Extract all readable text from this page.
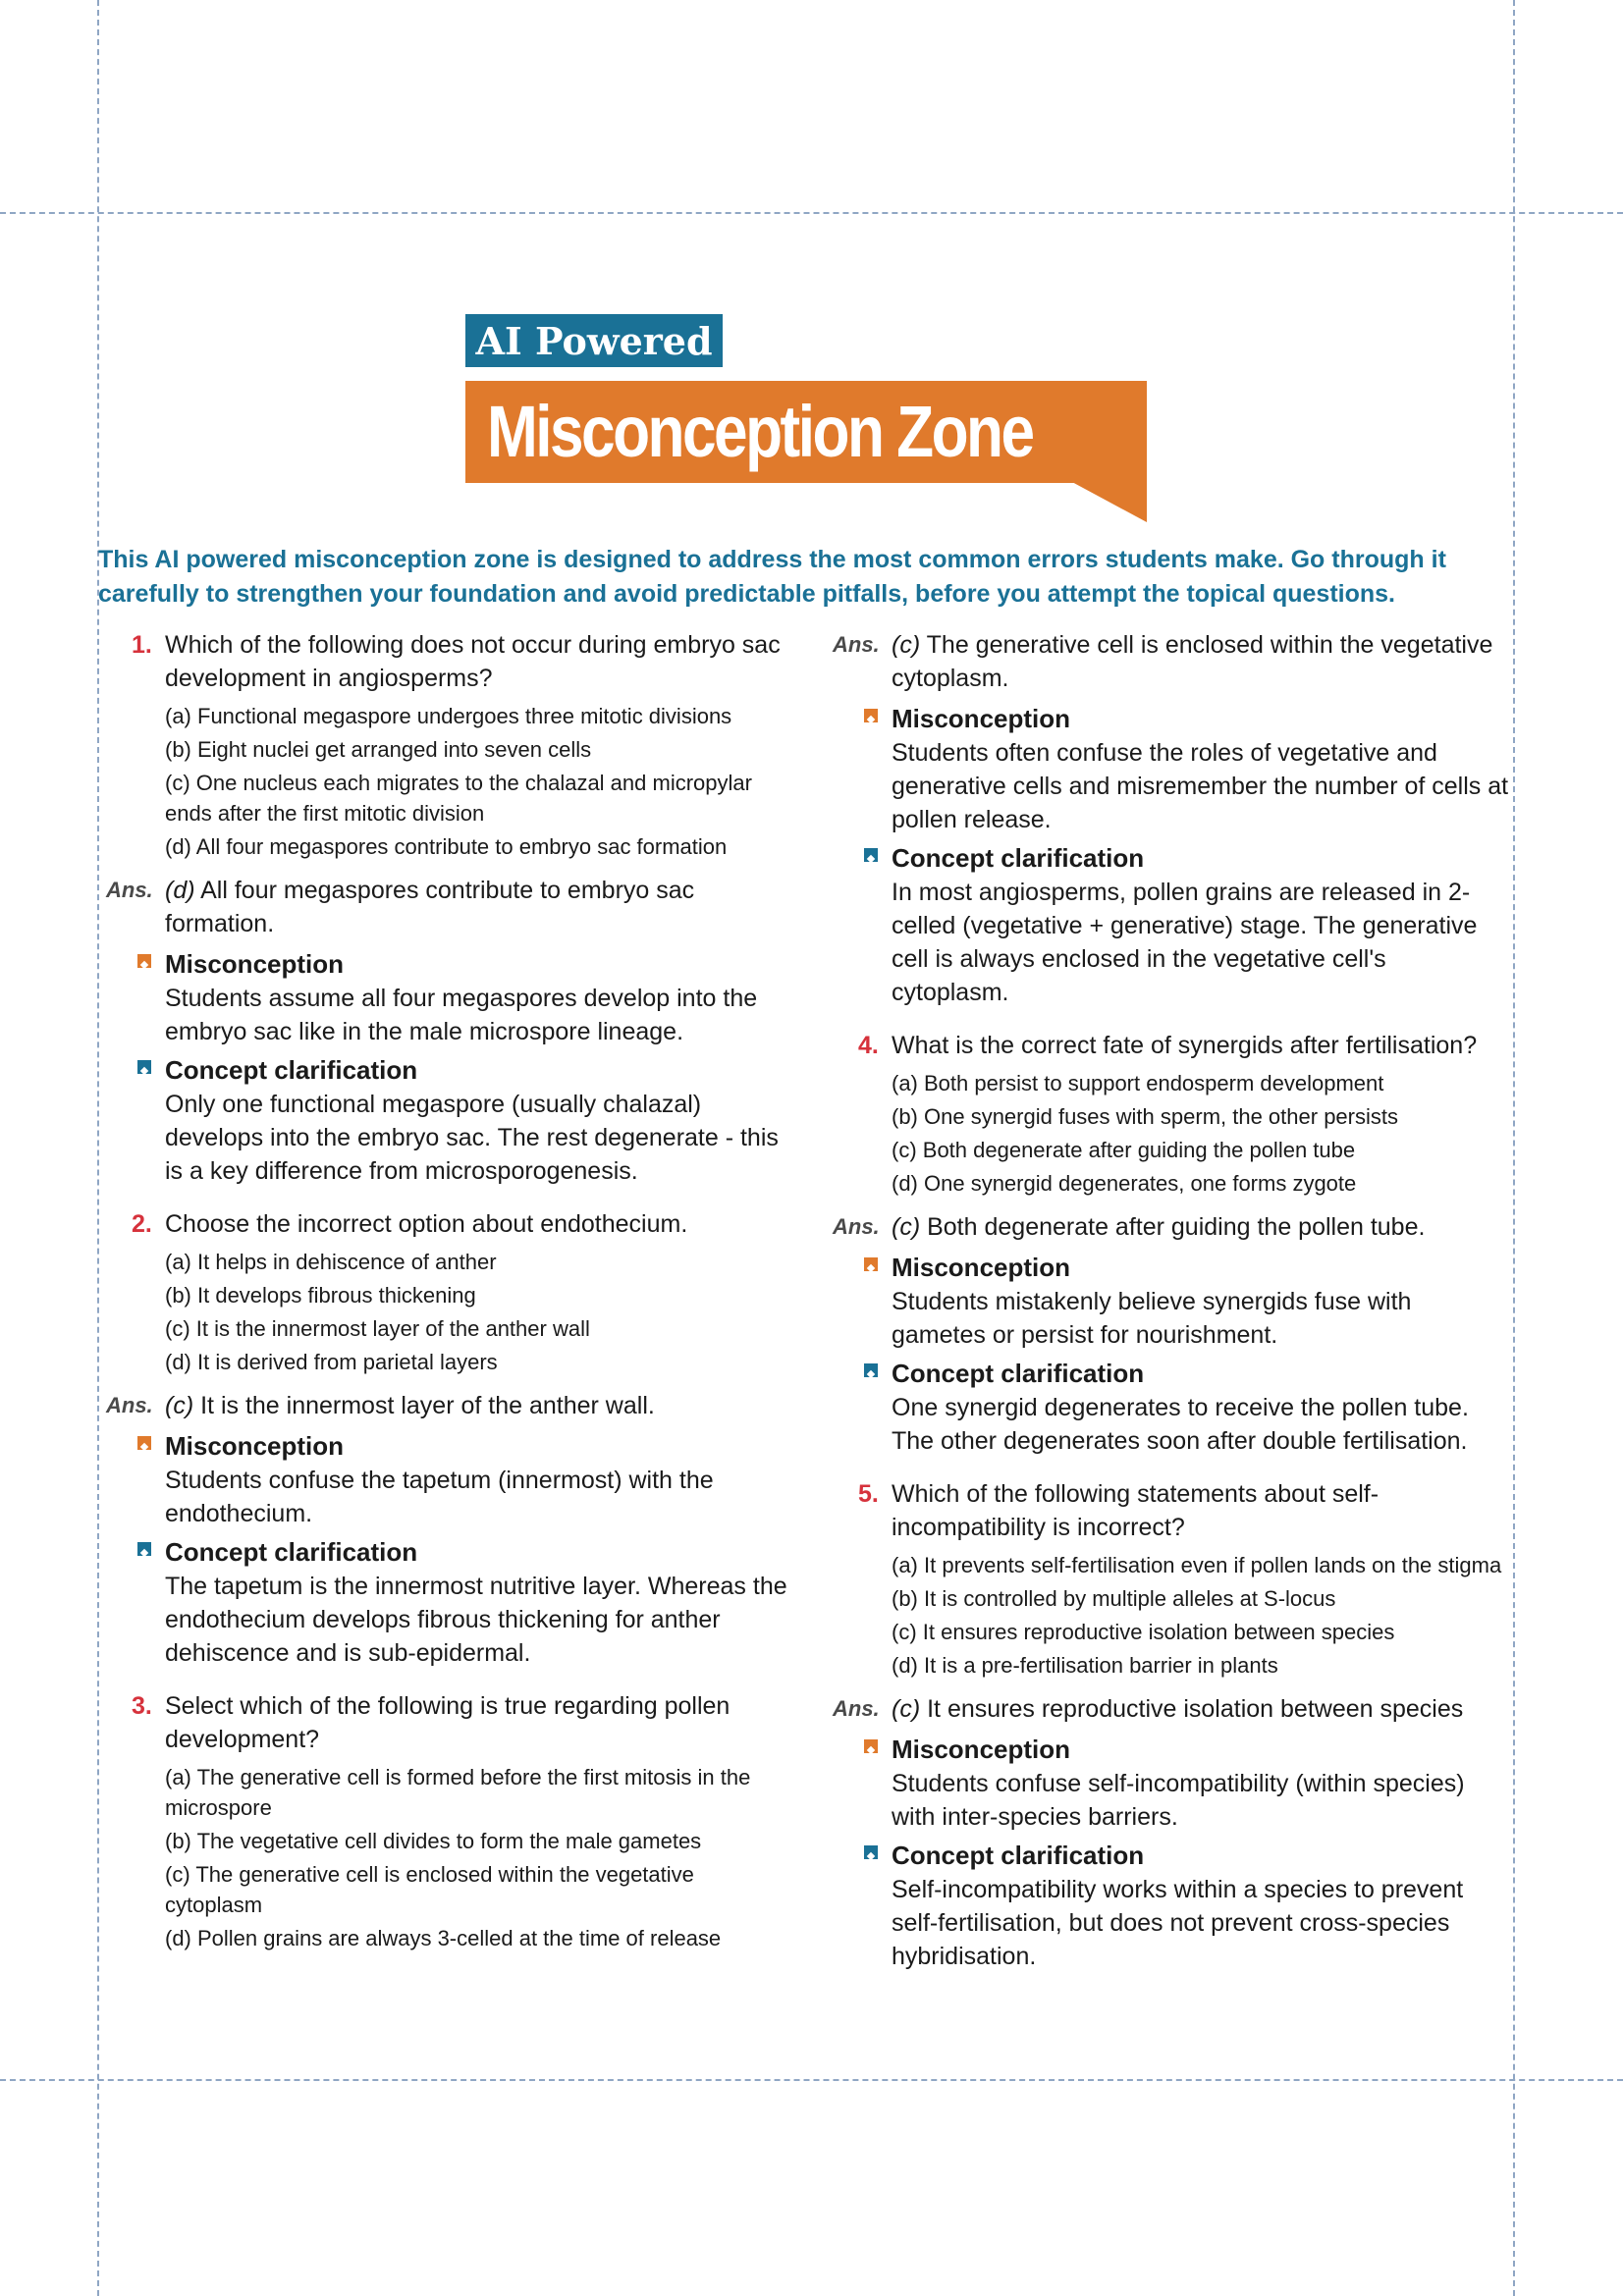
AI Powered
Misconception Zone
This AI powered misconception zone is designed to address the most common errors students make. Go through it carefully to strengthen your foundation and avoid predictable pitfalls, before you attempt the topical questions.
1. Which of the following does not occur during embryo sac development in angiosperms?
(a) Functional megaspore undergoes three mitotic divisions
(b) Eight nuclei get arranged into seven cells
(c) One nucleus each migrates to the chalazal and micropylar ends after the first mitotic division
(d) All four megaspores contribute to embryo sac formation
Ans. (d) All four megaspores contribute to embryo sac formation.
Misconception
Students assume all four megaspores develop into the embryo sac like in the male microspore lineage.
Concept clarification
Only one functional megaspore (usually chalazal) develops into the embryo sac. The rest degenerate - this is a key difference from microsporogenesis.
2. Choose the incorrect option about endothecium.
(a) It helps in dehiscence of anther
(b) It develops fibrous thickening
(c) It is the innermost layer of the anther wall
(d) It is derived from parietal layers
Ans. (c) It is the innermost layer of the anther wall.
Misconception
Students confuse the tapetum (innermost) with the endothecium.
Concept clarification
The tapetum is the innermost nutritive layer. Whereas the endothecium develops fibrous thickening for anther dehiscence and is sub-epidermal.
3. Select which of the following is true regarding pollen development?
(a) The generative cell is formed before the first mitosis in the microspore
(b) The vegetative cell divides to form the male gametes
(c) The generative cell is enclosed within the vegetative cytoplasm
(d) Pollen grains are always 3-celled at the time of release
Ans. (c) The generative cell is enclosed within the vegetative cytoplasm.
Misconception
Students often confuse the roles of vegetative and generative cells and misremember the number of cells at pollen release.
Concept clarification
In most angiosperms, pollen grains are released in 2-celled (vegetative + generative) stage. The generative cell is always enclosed in the vegetative cell's cytoplasm.
4. What is the correct fate of synergids after fertilisation?
(a) Both persist to support endosperm development
(b) One synergid fuses with sperm, the other persists
(c) Both degenerate after guiding the pollen tube
(d) One synergid degenerates, one forms zygote
Ans. (c) Both degenerate after guiding the pollen tube.
Misconception
Students mistakenly believe synergids fuse with gametes or persist for nourishment.
Concept clarification
One synergid degenerates to receive the pollen tube. The other degenerates soon after double fertilisation.
5. Which of the following statements about self-incompatibility is incorrect?
(a) It prevents self-fertilisation even if pollen lands on the stigma
(b) It is controlled by multiple alleles at S-locus
(c) It ensures reproductive isolation between species
(d) It is a pre-fertilisation barrier in plants
Ans. (c) It ensures reproductive isolation between species
Misconception
Students confuse self-incompatibility (within species) with inter-species barriers.
Concept clarification
Self-incompatibility works within a species to prevent self-fertilisation, but does not prevent cross-species hybridisation.
